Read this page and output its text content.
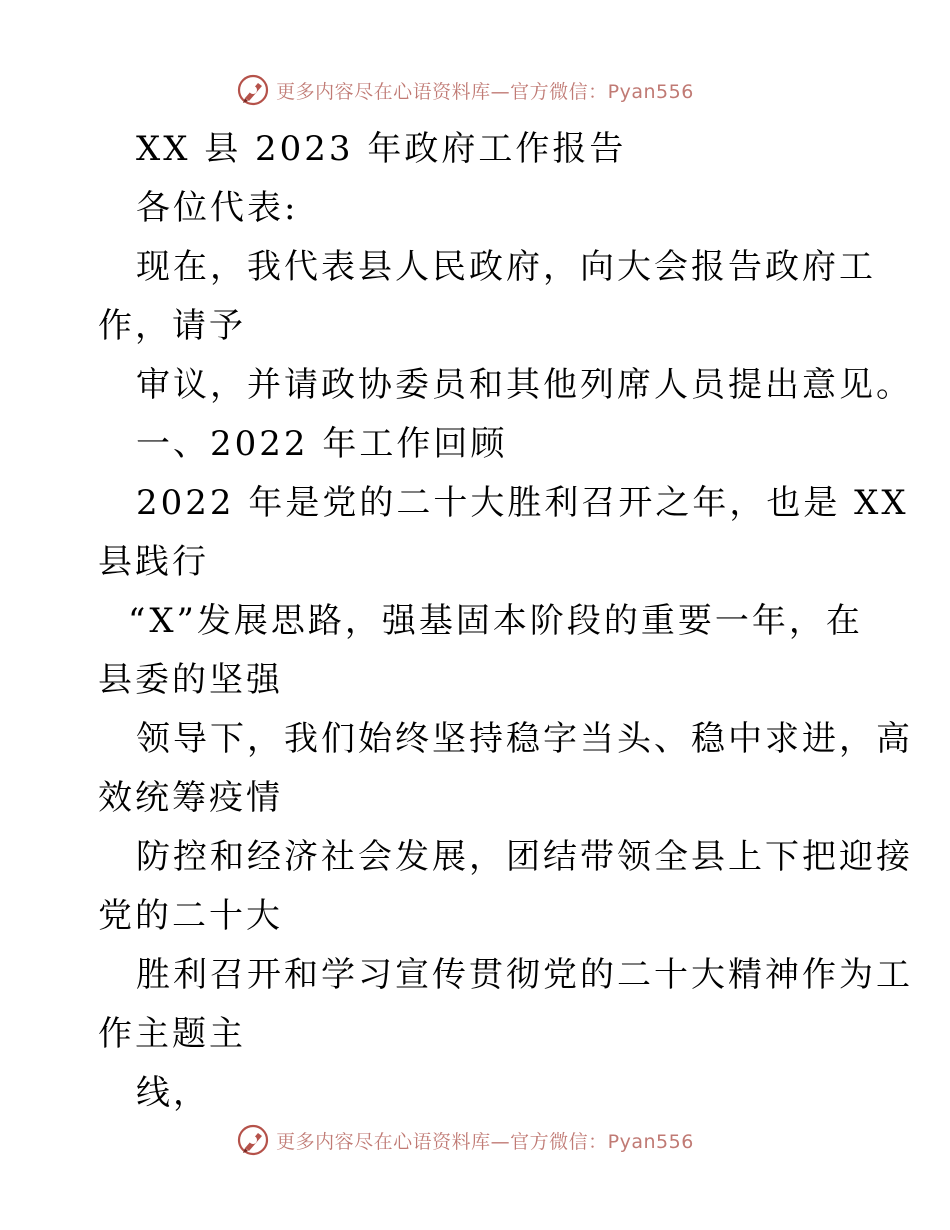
更多内容尽在心语资料库—官方微信：Pyan556
XX 县 2023 年政府工作报告
各位代表:
现在，我代表县人民政府，向大会报告政府工
作，请予
审议，并请政协委员和其他列席人员提出意见。
一、2022 年工作回顾
2022 年是党的二十大胜利召开之年，也是 XX
县践行
“X”发展思路，强基固本阶段的重要一年，在
县委的坚强
领导下，我们始终坚持稳字当头、稳中求进，高
效统筹疫情
防控和经济社会发展，团结带领全县上下把迎接
党的二十大
胜利召开和学习宣传贯彻党的二十大精神作为工
作主题主
线，
更多内容尽在心语资料库—官方微信：Pyan556
